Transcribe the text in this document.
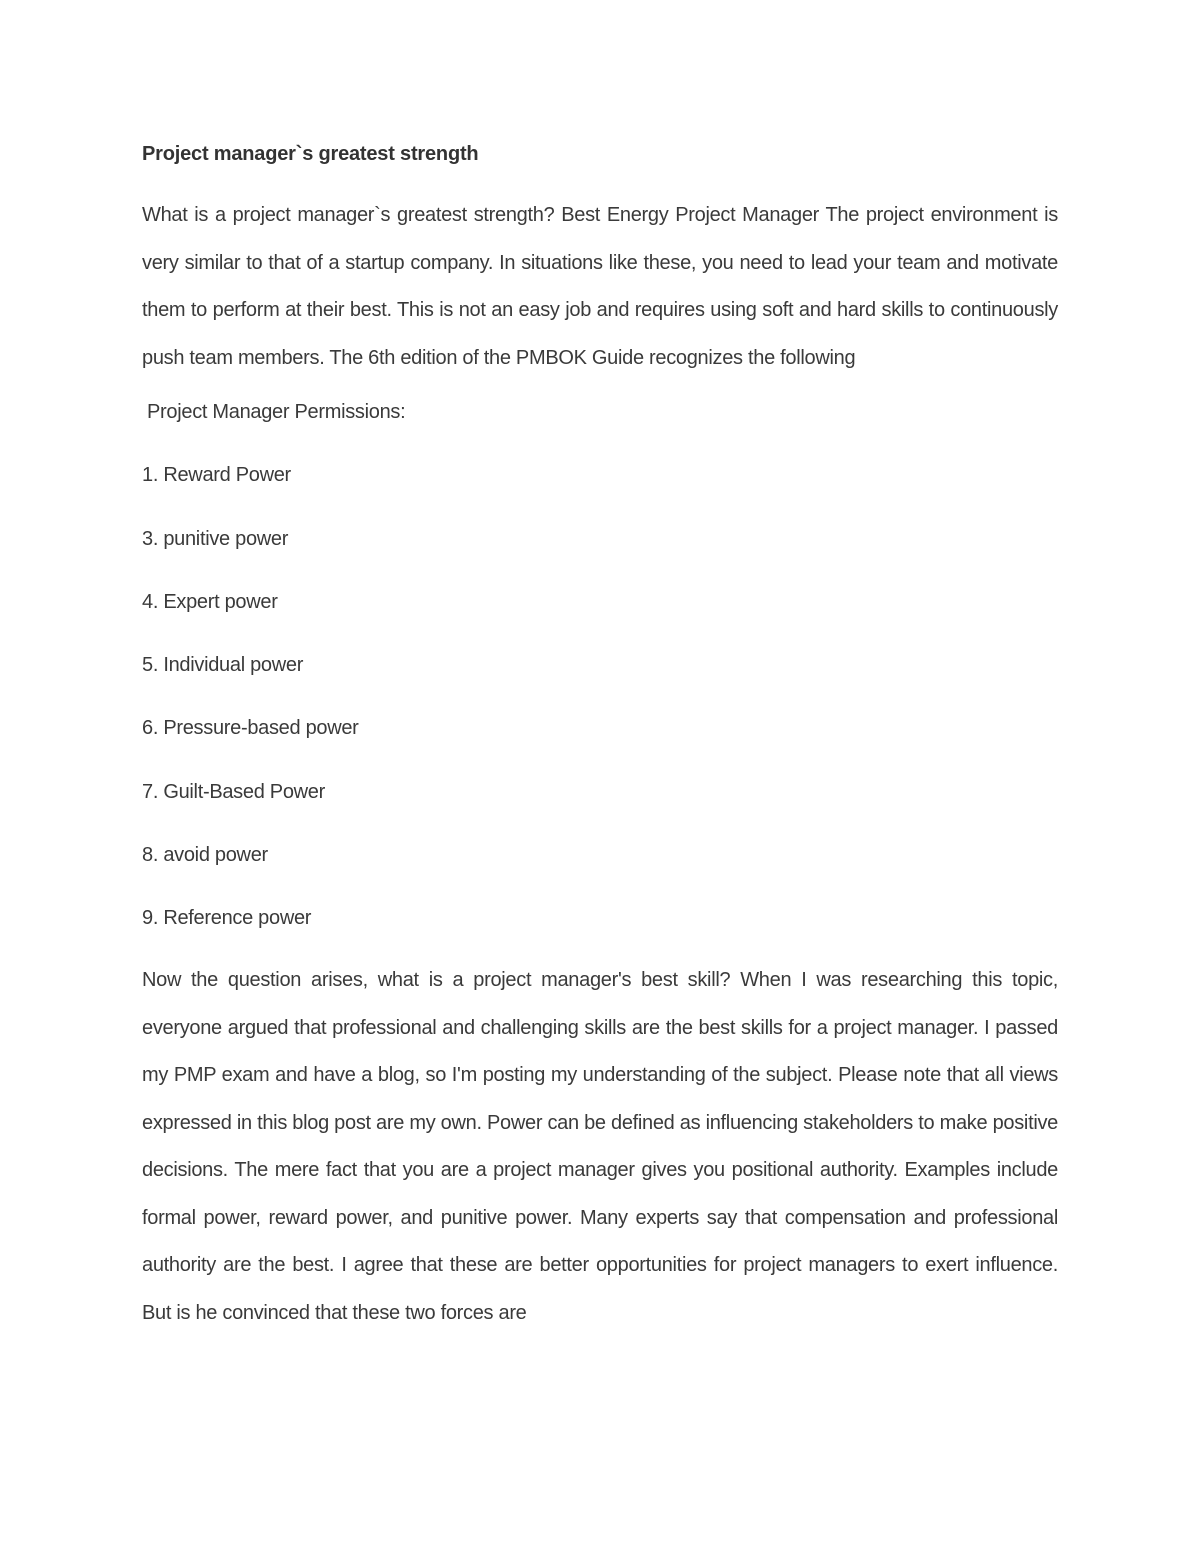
Project manager`s greatest strength

What is a project manager`s greatest strength? Best Energy Project Manager The project environment is very similar to that of a startup company. In situations like these, you need to lead your team and motivate them to perform at their best. This is not an easy job and requires using soft and hard skills to continuously push team members. The 6th edition of the PMBOK Guide recognizes the following

Project Manager Permissions:
1. Reward Power
3. punitive power
4. Expert power
5. Individual power
6. Pressure-based power
7. Guilt-Based Power
8. avoid power
9. Reference power

Now the question arises, what is a project manager's best skill? When I was researching this topic, everyone argued that professional and challenging skills are the best skills for a project manager. I passed my PMP exam and have a blog, so I'm posting my understanding of the subject. Please note that all views expressed in this blog post are my own. Power can be defined as influencing stakeholders to make positive decisions. The mere fact that you are a project manager gives you positional authority. Examples include formal power, reward power, and punitive power. Many experts say that compensation and professional authority are the best. I agree that these are better opportunities for project managers to exert influence. But is he convinced that these two forces are
